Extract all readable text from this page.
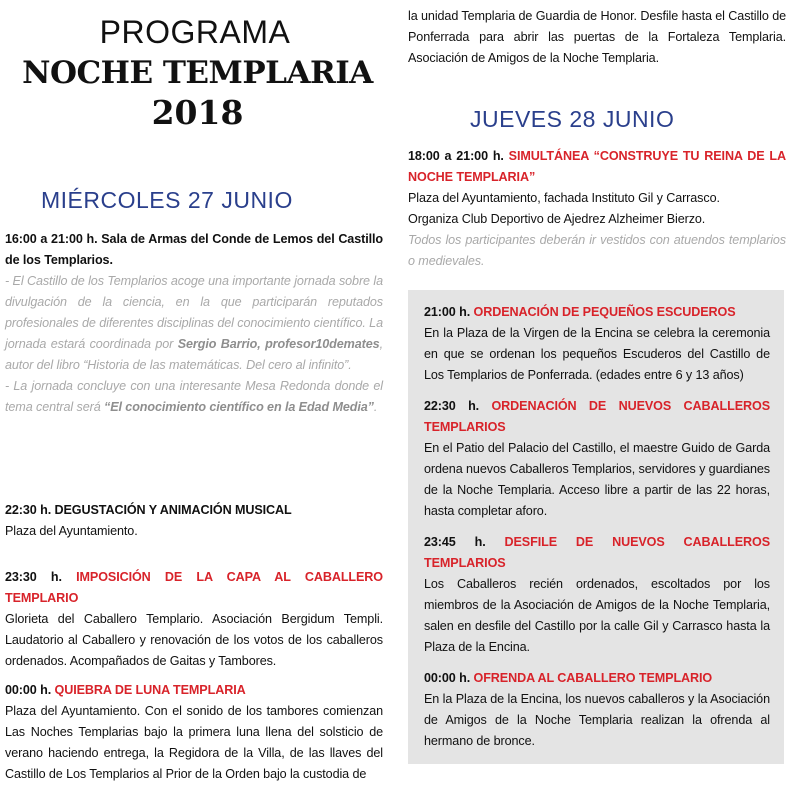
PROGRAMA
NOCHE TEMPLARIA
2018
MIÉRCOLES 27 JUNIO

16:00 a 21:00 h. Sala de Armas del Conde de Lemos del Castillo de los Templarios.

- El Castillo de los Templarios acoge una importante jornada sobre la divulgación de la ciencia, en la que participarán reputados profesionales de diferentes disciplinas del conocimiento científico. La jornada estará coordinada por Sergio Barrio, profesor10demates, autor del libro “Historia de las matemáticas. Del cero al infinito”.

- La jornada concluye con una interesante Mesa Redonda donde el tema central será “El conocimiento científico en la Edad Media”.

22:30 h. DEGUSTACIÓN Y ANIMACIÓN MUSICAL

Plaza del Ayuntamiento.

23:30 h. IMPOSICIÓN DE LA CAPA AL CABALLERO TEMPLARIO

Glorieta del Caballero Templario. Asociación Bergidum Templi. Laudatorio al Caballero y renovación de los votos de los caballeros ordenados. Acompañados de Gaitas y Tambores.

00:00 h. QUIEBRA DE LUNA TEMPLARIA

Plaza del Ayuntamiento. Con el sonido de los tambores comienzan Las Noches Templarias bajo la primera luna llena del solsticio de verano haciendo entrega, la Regidora de la Villa, de las llaves del Castillo de Los Templarios al Prior de la Orden bajo la custodia de

la unidad Templaria de Guardia de Honor. Desfile hasta el Castillo de Ponferrada para abrir las puertas de la Fortaleza Templaria. Asociación de Amigos de la Noche Templaria.

JUEVES 28 JUNIO

18:00 a 21:00 h. SIMULTÁNEA “CONSTRUYE TU REINA DE LA NOCHE TEMPLARIA”

Plaza del Ayuntamiento, fachada Instituto Gil y Carrasco.

Organiza Club Deportivo de Ajedrez Alzheimer Bierzo.

Todos los participantes deberán ir vestidos con atuendos templarios o medievales.

21:00 h. ORDENACIÓN DE PEQUEÑOS ESCUDEROS

En la Plaza de la Virgen de la Encina se celebra la ceremonia en que se ordenan los pequeños Escuderos del Castillo de Los Templarios de Ponferrada. (edades entre 6 y 13 años)

22:30 h. ORDENACIÓN DE NUEVOS CABALLEROS TEMPLARIOS

En el Patio del Palacio del Castillo, el maestre Guido de Garda ordena nuevos Caballeros Templarios, servidores y guardianes de la Noche Templaria. Acceso libre a partir de las 22 horas, hasta completar aforo.

23:45 h. DESFILE DE NUEVOS CABALLEROS TEMPLARIOS

Los Caballeros recién ordenados, escoltados por los miembros de la Asociación de Amigos de la Noche Templaria, salen en desfile del Castillo por la calle Gil y Carrasco hasta la Plaza de la Encina.

00:00 h. OFRENDA AL CABALLERO TEMPLARIO

En la Plaza de la Encina, los nuevos caballeros y la Asociación de Amigos de la Noche Templaria realizan la ofrenda al hermano de bronce.
